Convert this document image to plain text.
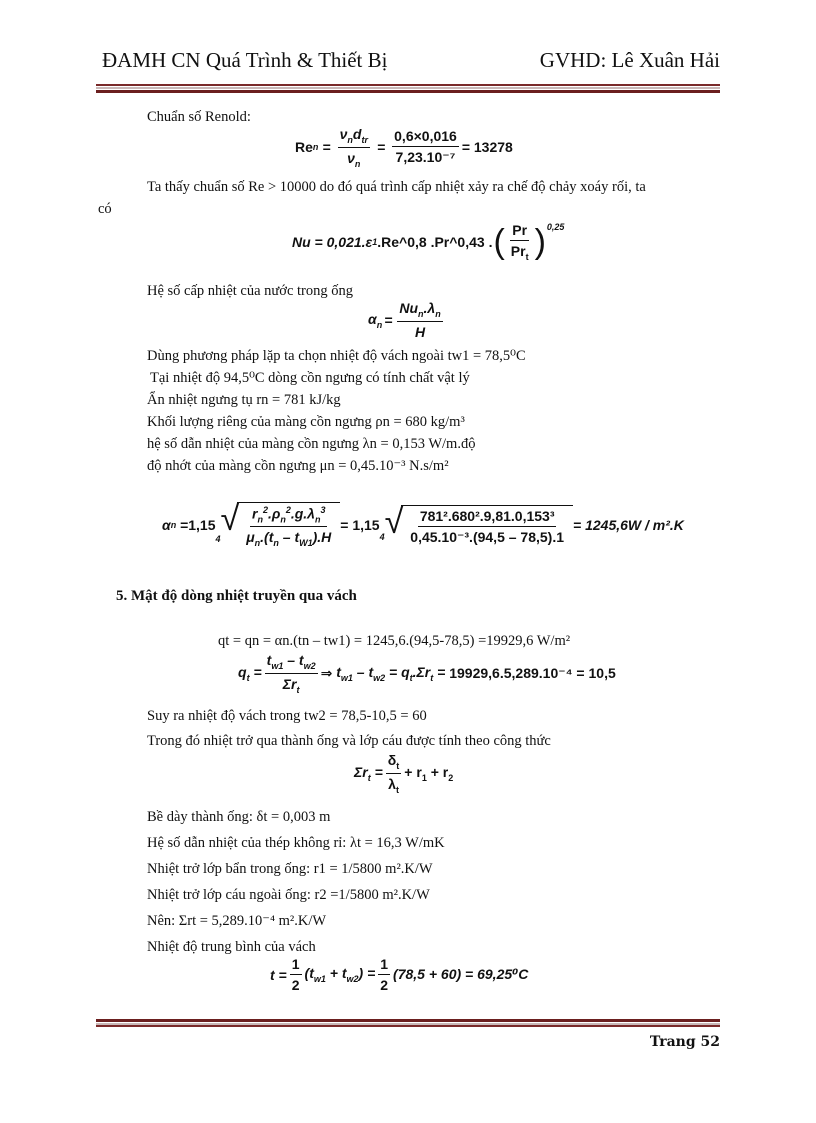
ĐAMH CN Quá Trình & Thiết Bị	GVHD: Lê Xuân Hải
Chuẩn số Renold:
Re $n = \frac{\nu_nd_{tr}}{\nu_n} = \frac{0,6\times 0,016}{\text{7,23.10⁻⁷}} = 13278$
Ta thấy chuẩn số Re > 10000 do đó quá trình cấp nhiệt xảy ra chế độ chảy xoáy rối, ta
có
Nu = 0,021.ε 1 .Re^0,8 .Pr^0,43 . ( $\frac{Pr}{Pr_t} )^{0,25}$
Hệ số cấp nhiệt của nước trong ống
$\alpha_n = \frac{Nu_n.\lambda_n}{H}$
Dùng phương pháp lặp ta chọn nhiệt độ vách ngoài tw1 = 78,5⁰C
Tại nhiệt độ 94,5⁰C dòng cồn ngưng có tính chất vật lý
Ẩn nhiệt ngưng tụ rn = 781 kJ/kg
Khối lượng riêng của màng cồn ngưng ρn = 680 kg/m³
hệ số dẫn nhiệt của màng cồn ngưng λn = 0,153 W/m.độ
độ nhớt của màng cồn ngưng μn = 0,45.10⁻³ N.s/m²
α n =1,15
4
√ $\frac{r_n^2.\rho_n^2.g.\lambda_n^3}{\mu_n.(t_n - t_{W1}).H} = 1,15$
4 √ $\frac{\text{781².680².9,81.0,153³}}{\text{0,45.10⁻³.(94,5 – 78,5).1}} = 1245,6W / m^2.K$
5. Mật độ dòng nhiệt truyền qua vách
qt = qn = αn.(tn – tw1) = 1245,6.(94,5-78,5) =19929,6 W/m²
$q_t = \frac{t_{w1} - t_{w2}}{\Sigma r_t}$ ⇒ $t_{w1} - t_{w2} = q_t.\Sigma r_t = 19929,6.5,289.10^{-4} = 10,5$
Suy ra nhiệt độ vách trong tw2 = 78,5-10,5 = 60
Trong đó nhiệt trở qua thành ống và lớp cáu được tính theo công thức
$\Sigma r_t = \frac{\delta_t}{\lambda_t} + r_1 + r_2$
Bề dày thành ống: δt = 0,003 m
Hệ số dẫn nhiệt của thép không rỉ: λt = 16,3 W/mK
Nhiệt trở lớp bẩn trong ống: r1 = 1/5800 m².K/W
Nhiệt trở lớp cáu ngoài ống: r2 =1/5800 m².K/W
Nên: Σrt = 5,289.10⁻⁴ m².K/W
Nhiệt độ trung bình của vách
$t = \frac{1}{2} (t_{w1} + t_{w2}) = \frac{1}{2} (78,5 + 60) = 69,25^0C$
Trang 52
